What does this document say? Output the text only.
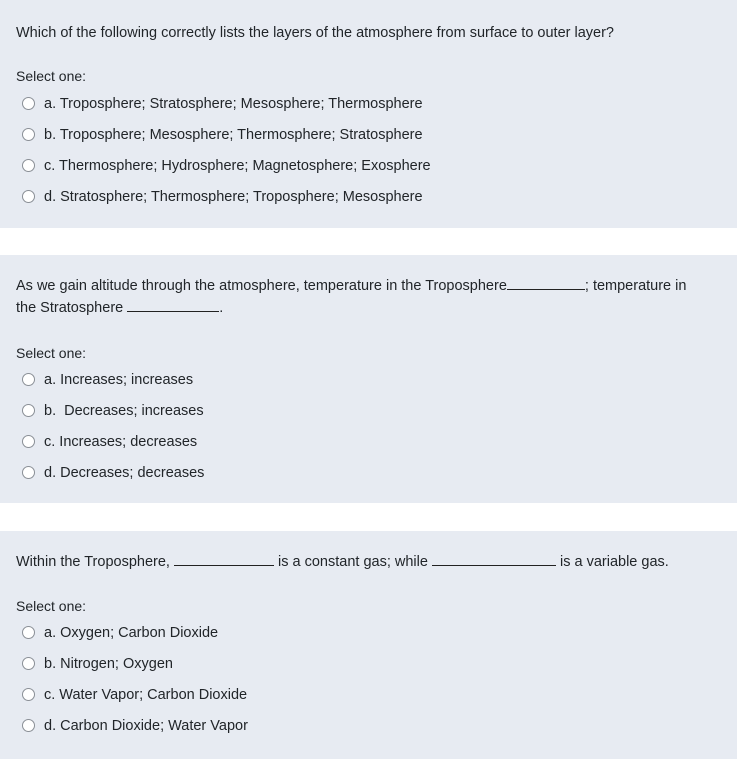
Which of the following correctly lists the layers of the atmosphere from surface to outer layer?
Select one:
a. Troposphere; Stratosphere; Mesosphere; Thermosphere
b. Troposphere; Mesosphere; Thermosphere; Stratosphere
c. Thermosphere; Hydrosphere; Magnetosphere; Exosphere
d. Stratosphere; Thermosphere; Troposphere; Mesosphere
As we gain altitude through the atmosphere, temperature in the Troposphere	; temperature in
the Stratosphere	.
Select one:
a. Increases; increases
b.  Decreases; increases
c. Increases; decreases
d. Decreases; decreases
Within the Troposphere,	is a constant gas; while	is a variable gas.
Select one:
a. Oxygen; Carbon Dioxide
b. Nitrogen; Oxygen
c. Water Vapor; Carbon Dioxide
d. Carbon Dioxide; Water Vapor
